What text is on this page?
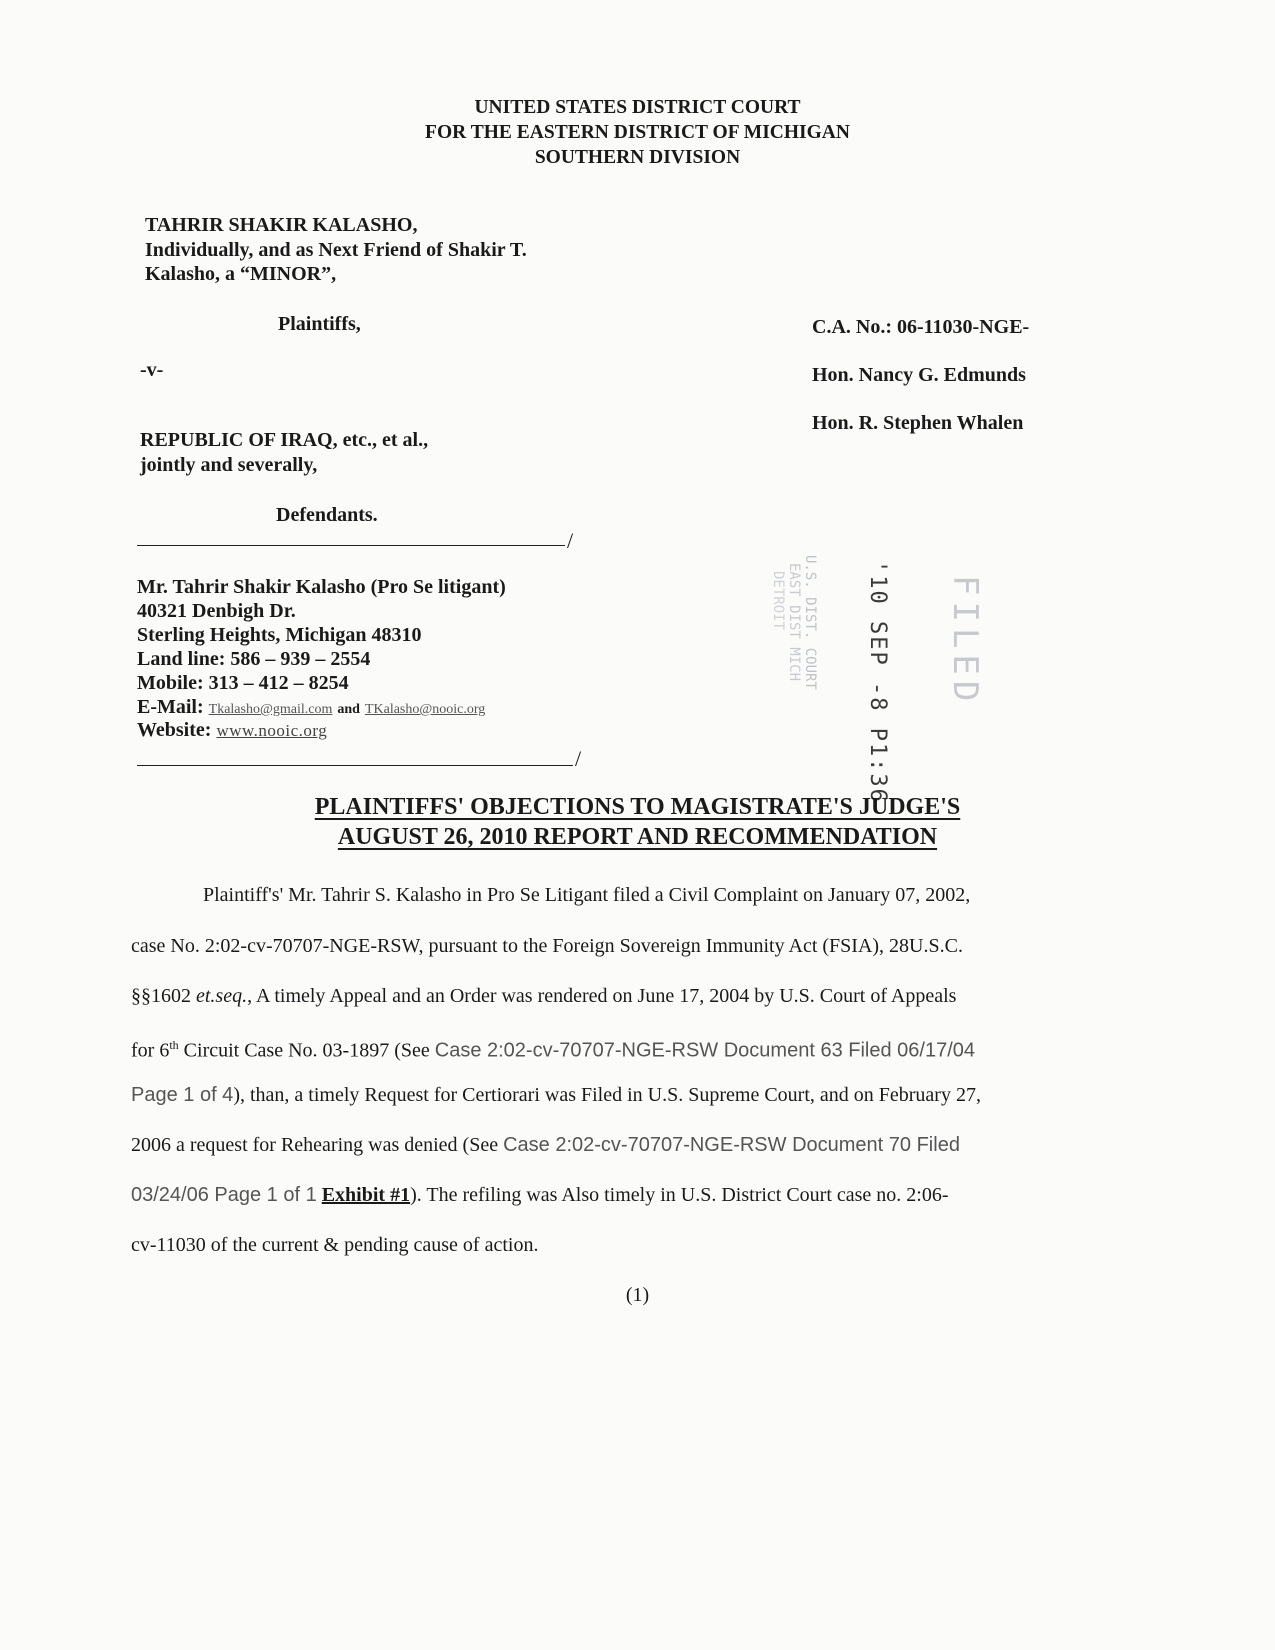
UNITED STATES DISTRICT COURT
FOR THE EASTERN DISTRICT OF MICHIGAN
SOUTHERN DIVISION
TAHRIR SHAKIR KALASHO,
Individually, and as Next Friend of Shakir T.
Kalasho, a “MINOR”,
Plaintiffs,
-v-
REPUBLIC OF IRAQ, etc., et al.,
jointly and severally,
Defendants.
C.A. No.: 06-11030-NGE-
Hon. Nancy G. Edmunds
Hon. R. Stephen Whalen
/
Mr. Tahrir Shakir Kalasho (Pro Se litigant)
40321 Denbigh Dr.
Sterling Heights, Michigan 48310
Land line: 586 – 939 – 2554
Mobile: 313 – 412 – 8254
E-Mail: Tkalasho@gmail.com and TKalasho@nooic.org
Website: www.nooic.org
/
FILED
'10 SEP -8 P1:36
U.S. DIST. COURT
EAST DIST MICH
DETROIT
PLAINTIFFS' OBJECTIONS TO MAGISTRATE'S JUDGE'S
AUGUST 26, 2010 REPORT AND RECOMMENDATION
Plaintiff's' Mr. Tahrir S. Kalasho in Pro Se Litigant filed a Civil Complaint on January 07, 2002,
case No. 2:02-cv-70707-NGE-RSW, pursuant to the Foreign Sovereign Immunity Act (FSIA), 28U.S.C.
§§1602 et.seq., A timely Appeal and an Order was rendered on June 17, 2004 by U.S. Court of Appeals
for 6th Circuit Case No. 03-1897 (See Case 2:02-cv-70707-NGE-RSW Document 63 Filed 06/17/04
Page 1 of 4), than, a timely Request for Certiorari was Filed in U.S. Supreme Court, and on February 27,
2006 a request for Rehearing was denied (See Case 2:02-cv-70707-NGE-RSW Document 70 Filed
03/24/06 Page 1 of 1 Exhibit #1). The refiling was Also timely in U.S. District Court case no. 2:06-
cv-11030 of the current & pending cause of action.
(1)
